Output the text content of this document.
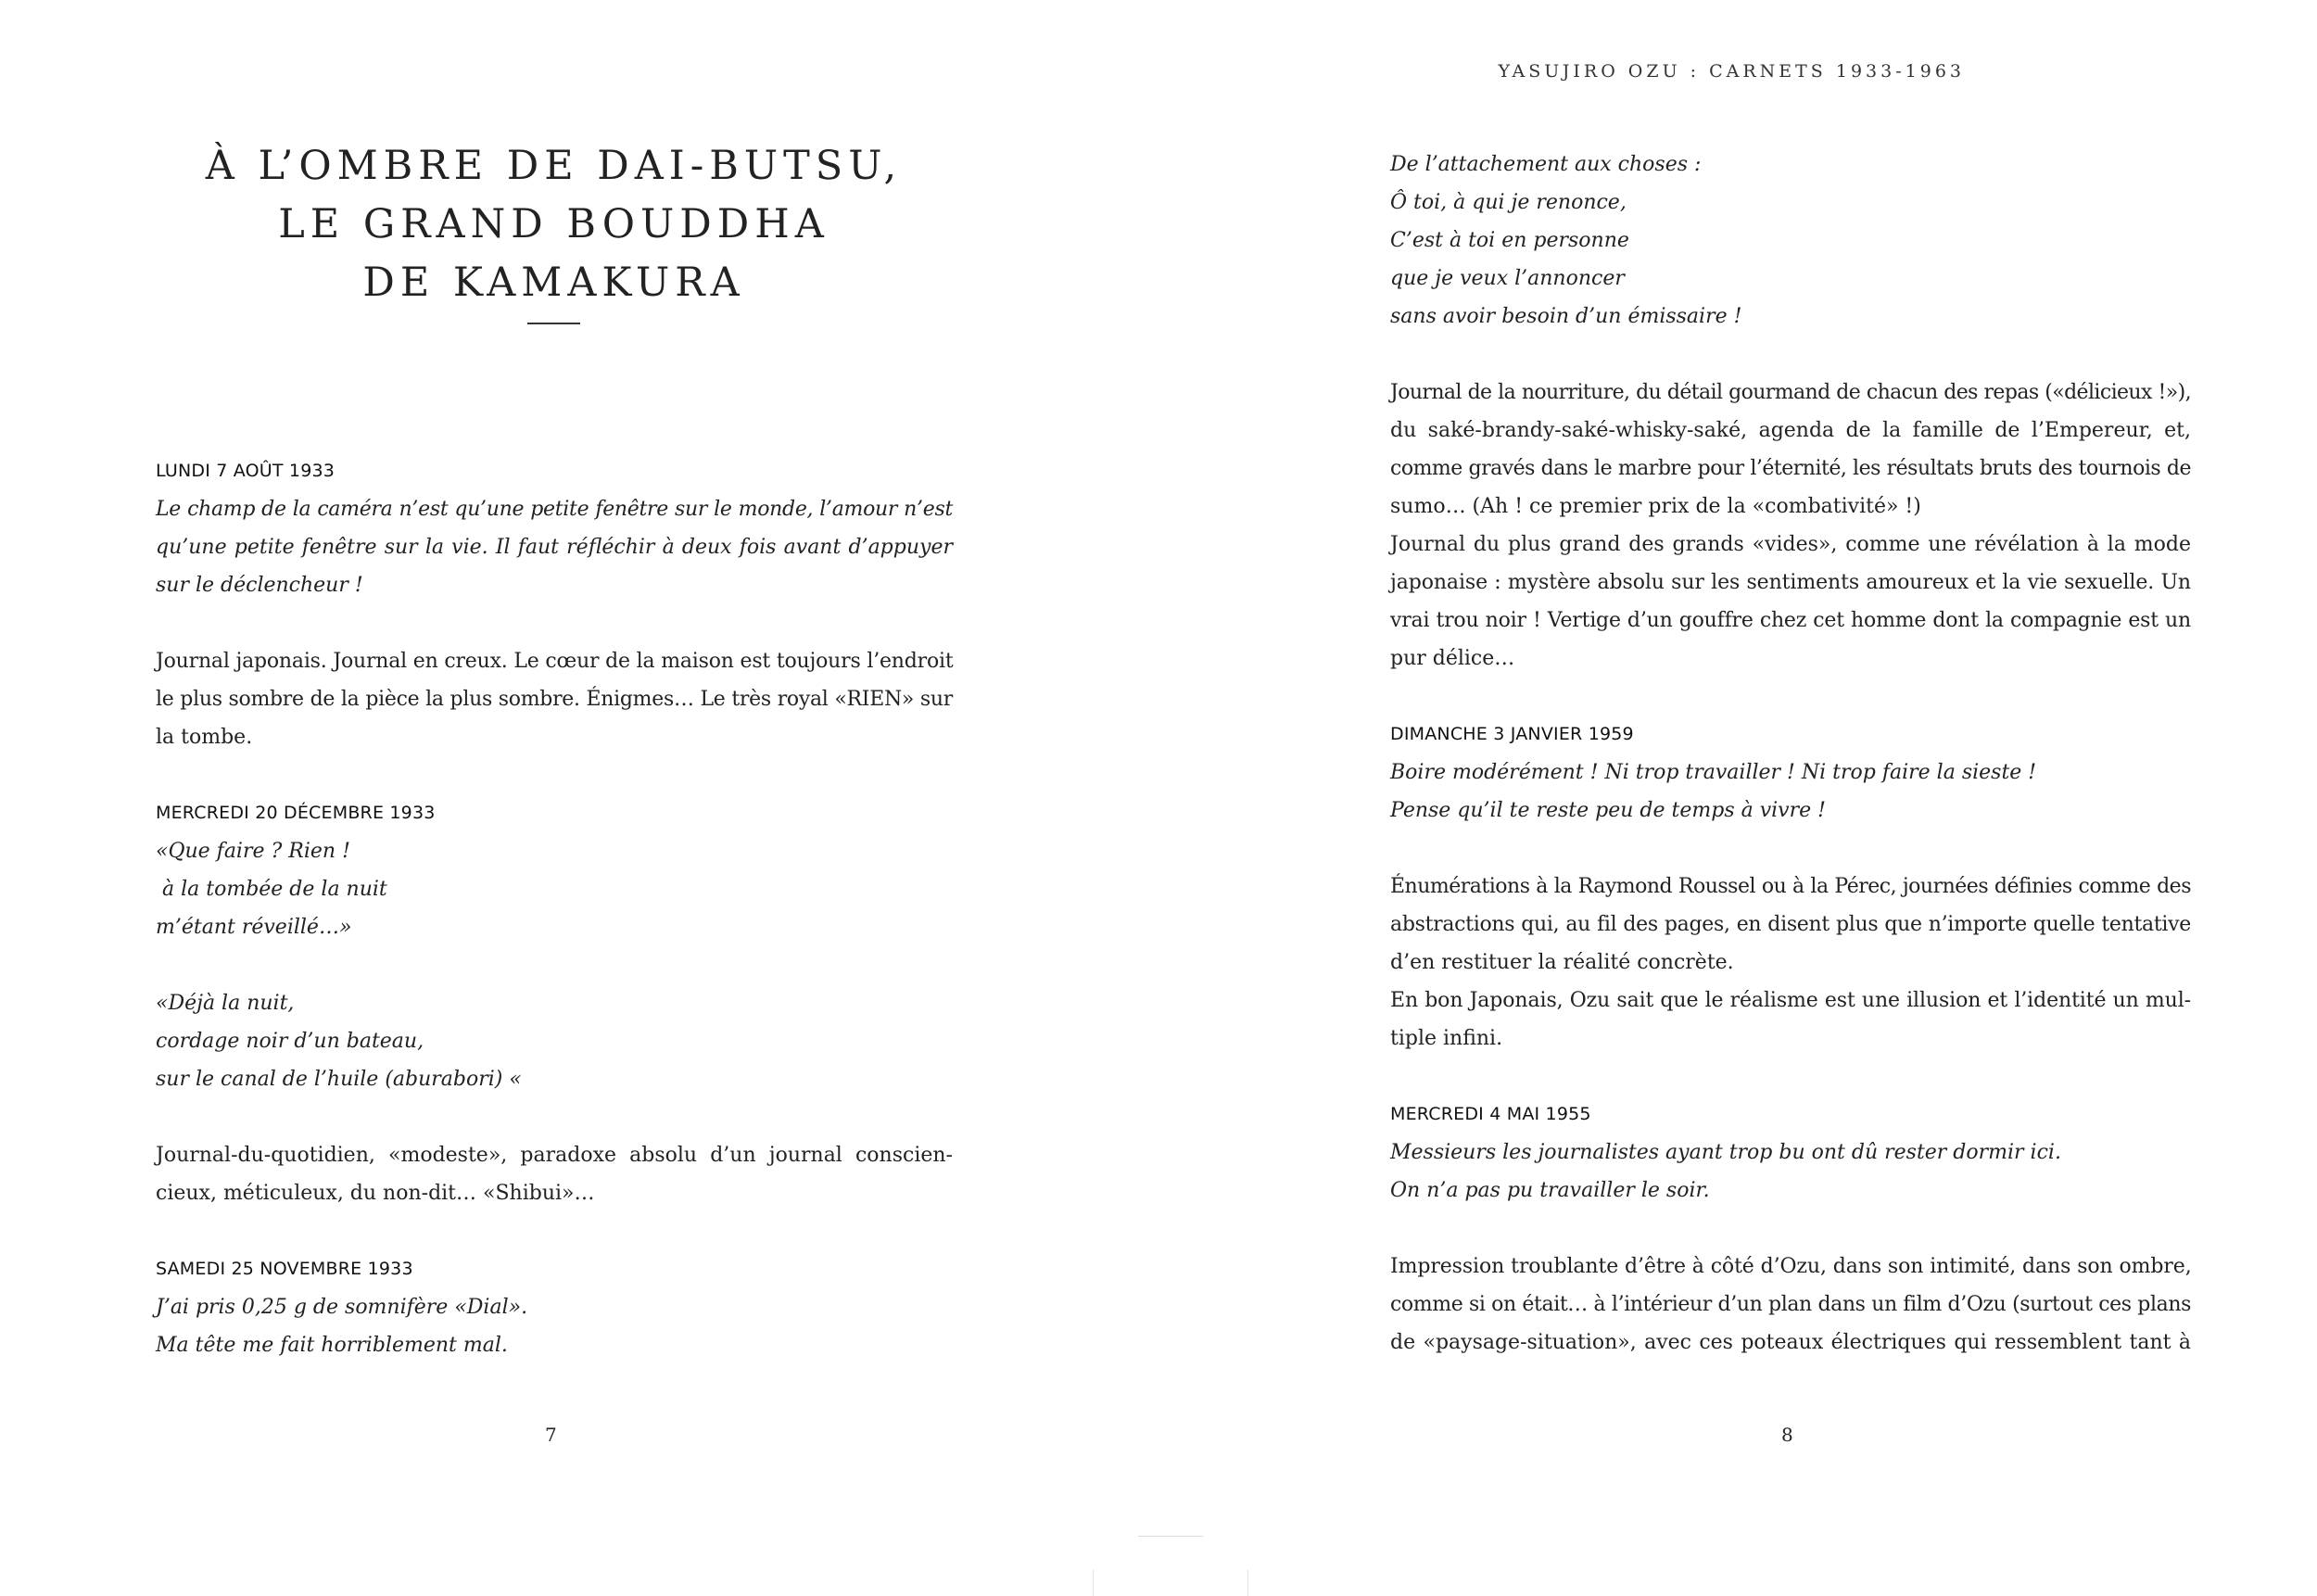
À L’OMBRE DE DAI-BUTSU,
LE GRAND BOUDDHA
DE KAMAKURA
LUNDI 7 AOÛT 1933
Le champ de la caméra n’est qu’une petite fenêtre sur le monde, l’amour n’est
qu’une petite fenêtre sur la vie. Il faut réfléchir à deux fois avant d’appuyer
sur le déclencheur !
Journal japonais. Journal en creux. Le cœur de la maison est toujours l’endroit
le plus sombre de la pièce la plus sombre. Énigmes… Le très royal «RIEN» sur
la tombe.
MERCREDI 20 DÉCEMBRE 1933
«Que faire ? Rien !
à la tombée de la nuit
m’étant réveillé…»
«Déjà la nuit,
cordage noir d’un bateau,
sur le canal de l’huile (aburabori) «
Journal-du-quotidien, «modeste», paradoxe absolu d’un journal conscien-
cieux, méticuleux, du non-dit… «Shibui»…
SAMEDI 25 NOVEMBRE 1933
J’ai pris 0,25 g de somnifère «Dial».
Ma tête me fait horriblement mal.
7
YASUJIRO OZU : CARNETS 1933-1963
De l’attachement aux choses :
Ô toi, à qui je renonce,
C’est à toi en personne
que je veux l’annoncer
sans avoir besoin d’un émissaire !
Journal de la nourriture, du détail gourmand de chacun des repas («délicieux !»),
du saké-brandy-saké-whisky-saké, agenda de la famille de l’Empereur, et,
comme gravés dans le marbre pour l’éternité, les résultats bruts des tournois de
sumo… (Ah ! ce premier prix de la «combativité» !)
Journal du plus grand des grands «vides», comme une révélation à la mode
japonaise : mystère absolu sur les sentiments amoureux et la vie sexuelle. Un
vrai trou noir ! Vertige d’un gouffre chez cet homme dont la compagnie est un
pur délice…
DIMANCHE 3 JANVIER 1959
Boire modérément ! Ni trop travailler ! Ni trop faire la sieste !
Pense qu’il te reste peu de temps à vivre !
Énumérations à la Raymond Roussel ou à la Pérec, journées définies comme des
abstractions qui, au fil des pages, en disent plus que n’importe quelle tentative
d’en restituer la réalité concrète.
En bon Japonais, Ozu sait que le réalisme est une illusion et l’identité un mul-
tiple infini.
MERCREDI 4 MAI 1955
Messieurs les journalistes ayant trop bu ont dû rester dormir ici.
On n’a pas pu travailler le soir.
Impression troublante d’être à côté d’Ozu, dans son intimité, dans son ombre,
comme si on était… à l’intérieur d’un plan dans un film d’Ozu (surtout ces plans
de «paysage-situation», avec ces poteaux électriques qui ressemblent tant à
8
